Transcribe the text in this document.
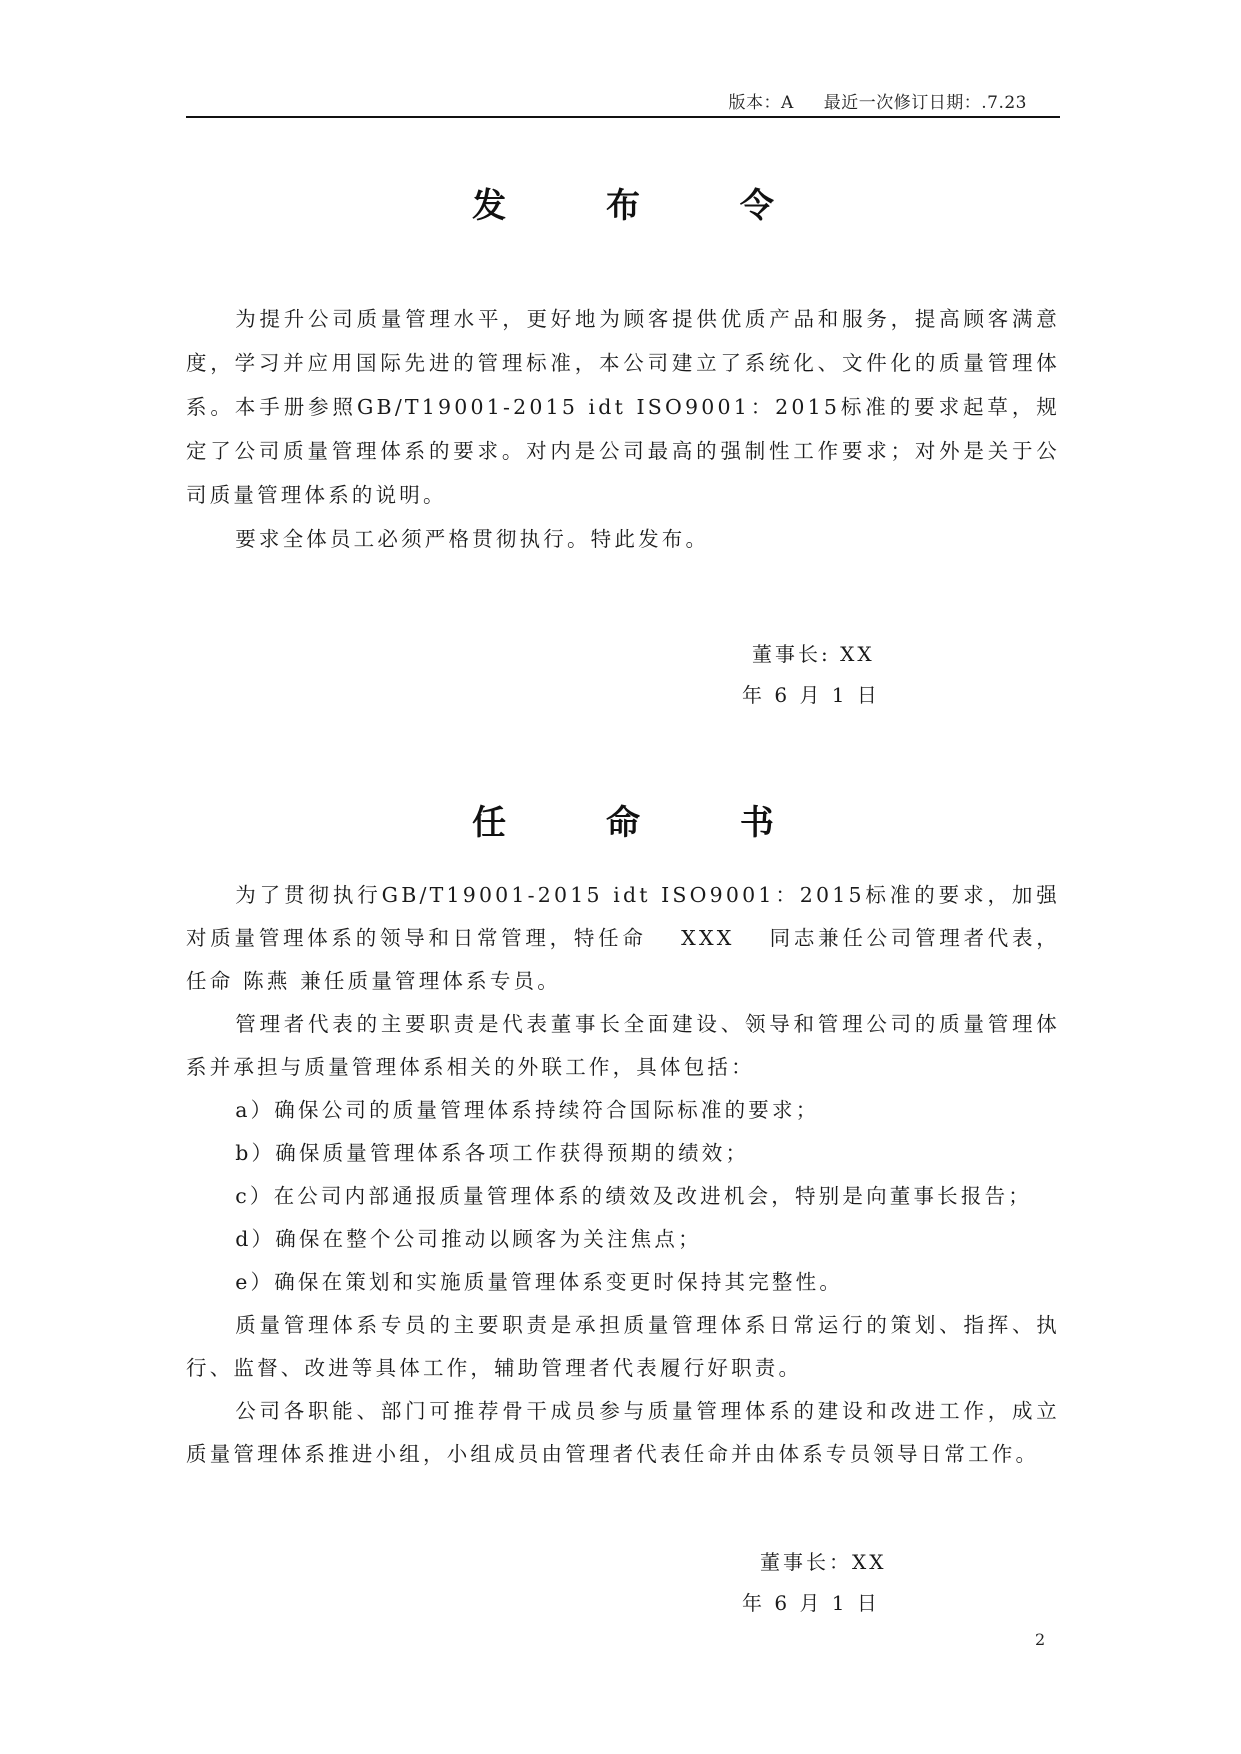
版本：A 最近一次修订日期：.7.23
发	布	令

为提升公司质量管理水平，更好地为顾客提供优质产品和服务，提高顾客满意度，学习并应用国际先进的管理标准，本公司建立了系统化、文件化的质量管理体系。本手册参照GB/T19001-2015 idt ISO9001：2015标准的要求起草，规定了公司质量管理体系的要求。对内是公司最高的强制性工作要求；对外是关于公司质量管理体系的说明。

要求全体员工必须严格贯彻执行。特此发布。

董事长: XX
年 6 月 1 日
任	命	书

为了贯彻执行GB/T19001-2015 idt ISO9001：2015标准的要求，加强对质量管理体系的领导和日常管理，特任命　 XXX　 同志兼任公司管理者代表，任命 陈燕 兼任质量管理体系专员。

管理者代表的主要职责是代表董事长全面建设、领导和管理公司的质量管理体系并承担与质量管理体系相关的外联工作，具体包括：

a）确保公司的质量管理体系持续符合国际标准的要求；

b）确保质量管理体系各项工作获得预期的绩效；

c）在公司内部通报质量管理体系的绩效及改进机会，特别是向董事长报告；

d）确保在整个公司推动以顾客为关注焦点；

e）确保在策划和实施质量管理体系变更时保持其完整性。

质量管理体系专员的主要职责是承担质量管理体系日常运行的策划、指挥、执行、监督、改进等具体工作，辅助管理者代表履行好职责。

公司各职能、部门可推荐骨干成员参与质量管理体系的建设和改进工作，成立质量管理体系推进小组，小组成员由管理者代表任命并由体系专员领导日常工作。

董事长：XX
年 6 月 1 日
2
